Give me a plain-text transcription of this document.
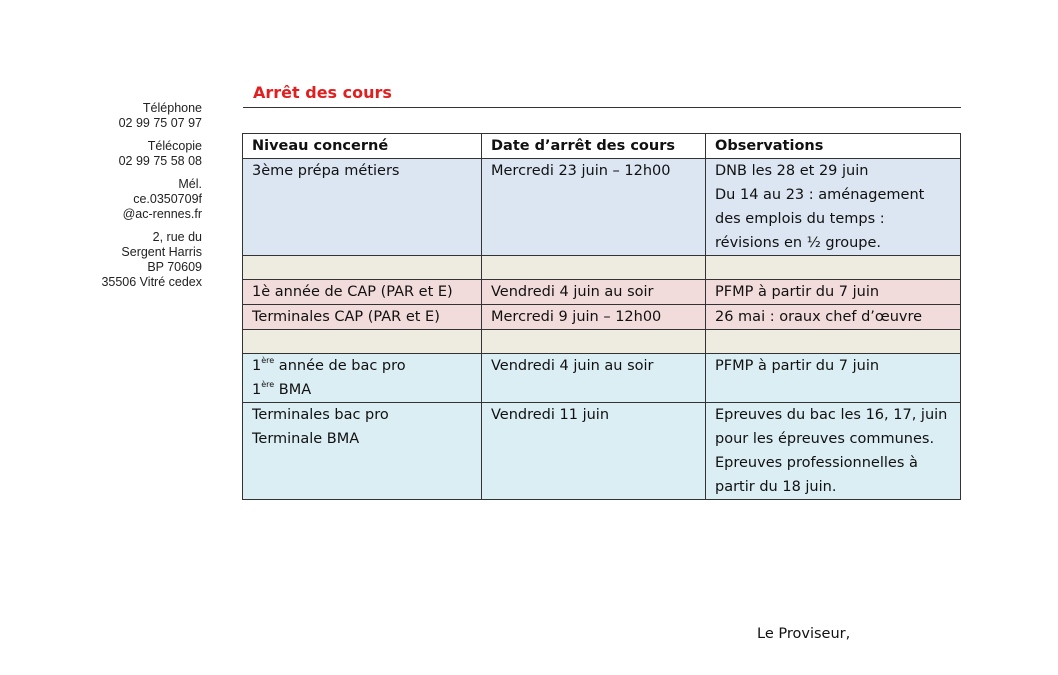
Téléphone
02 99 75 07 97
Télécopie
02 99 75 58 08
Mél.
ce.0350709f
@ac-rennes.fr
2, rue du
Sergent Harris
BP 70609
35506 Vitré cedex
Arrêt des cours
Niveau concerné	Date d’arrêt des cours	Observations
3ème prépa métiers	Mercredi 23 juin – 12h00	DNB les 28 et 29 juin
Du 14 au 23 : aménagement des emplois du temps : révisions en ½ groupe.

1è année de CAP (PAR et E)	Vendredi 4 juin au soir	PFMP à partir du 7 juin
Terminales CAP (PAR et E)	Mercredi 9 juin – 12h00	26 mai : oraux chef d’œuvre

1ère année de bac pro
1ère BMA	Vendredi 4 juin au soir	PFMP à partir du 7 juin

Terminales bac pro
Terminale BMA	Vendredi 11 juin	Epreuves du bac les 16, 17, juin pour les épreuves communes.
Epreuves professionnelles à partir du 18 juin.
Le Proviseur,
